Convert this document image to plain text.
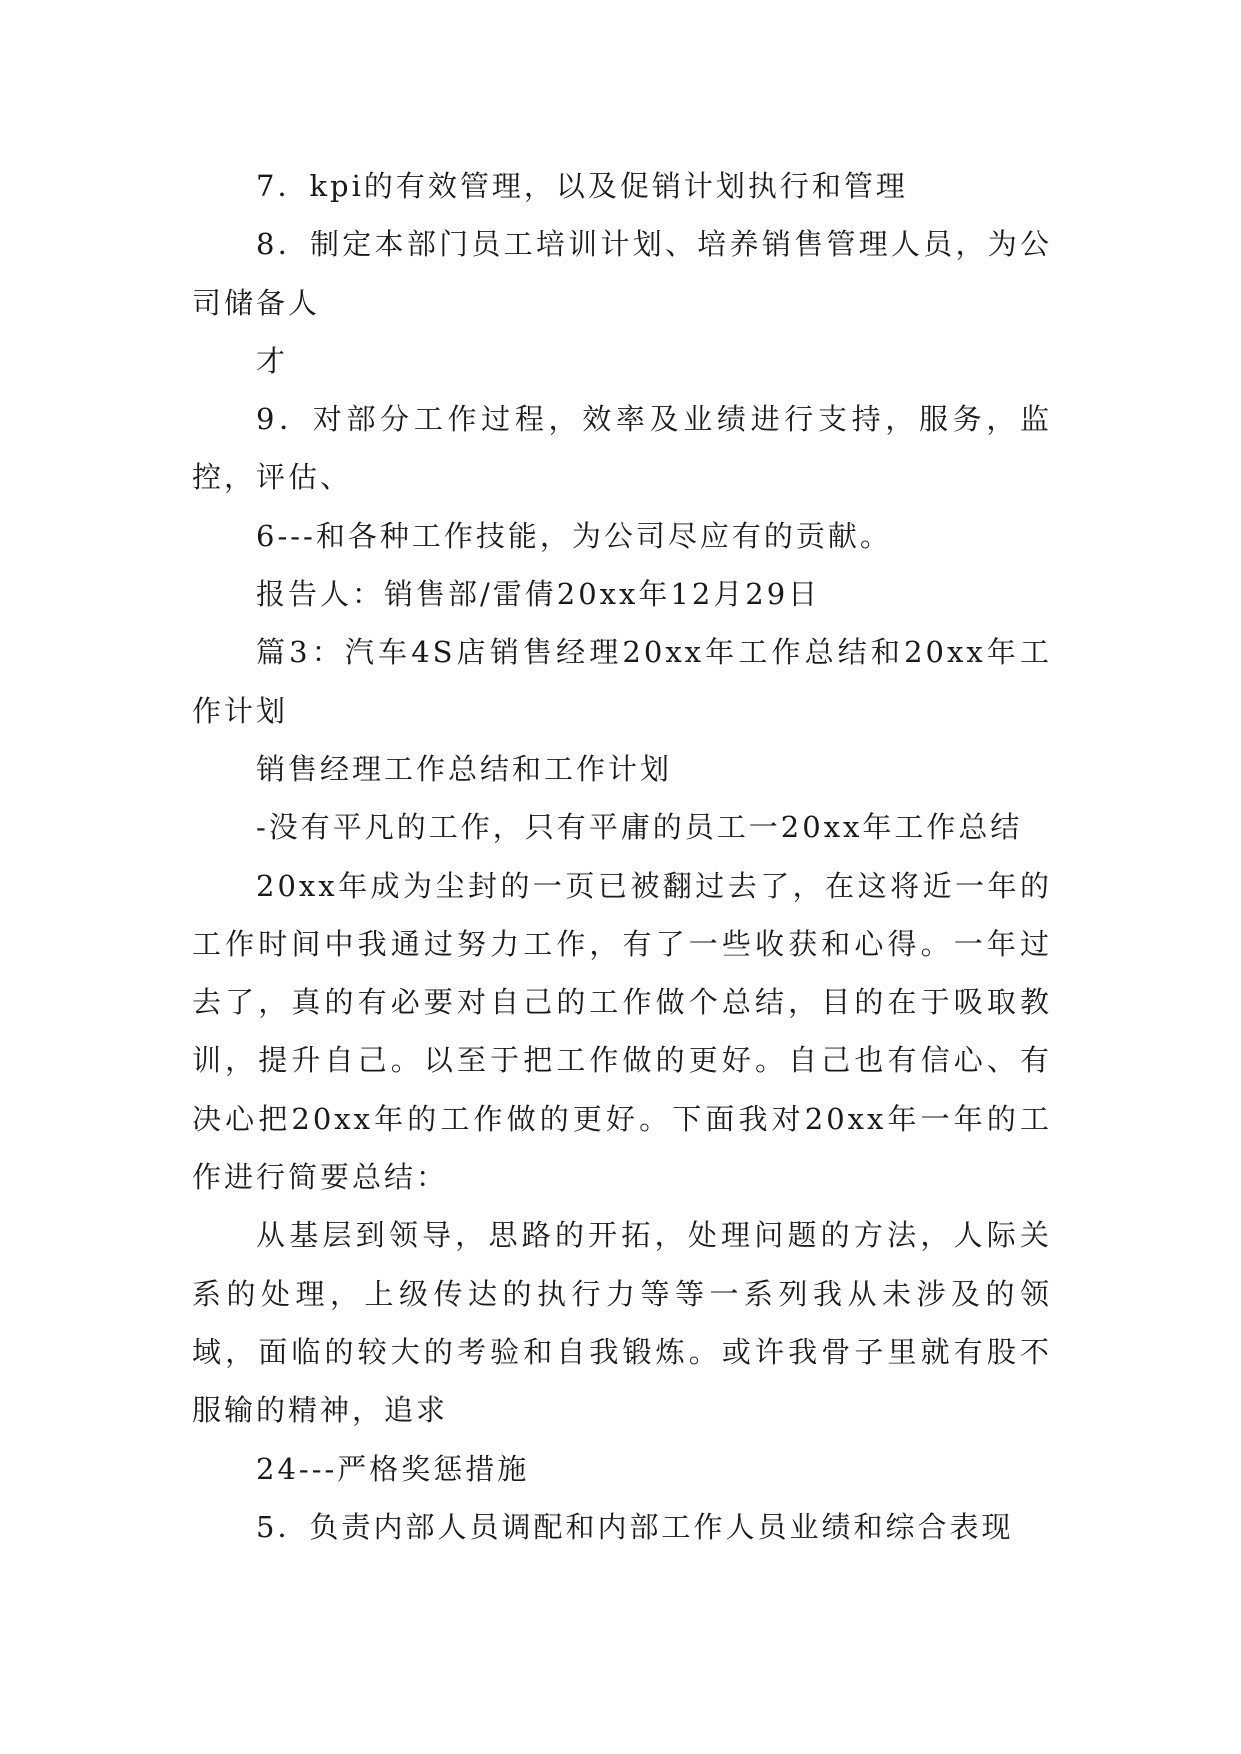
7．kpi的有效管理，以及促销计划执行和管理

8．制定本部门员工培训计划、培养销售管理人员，为公司储备人

才

9．对部分工作过程，效率及业绩进行支持，服务，监控，评估、

6---和各种工作技能，为公司尽应有的贡献。

报告人：销售部/雷倩20xx年12月29日

篇3：汽车4S店销售经理20xx年工作总结和20xx年工作计划

销售经理工作总结和工作计划

-没有平凡的工作，只有平庸的员工一20xx年工作总结

20xx年成为尘封的一页已被翻过去了，在这将近一年的工作时间中我通过努力工作，有了一些收获和心得。一年过去了，真的有必要对自己的工作做个总结，目的在于吸取教训，提升自己。以至于把工作做的更好。自己也有信心、有决心把20xx年的工作做的更好。下面我对20xx年一年的工作进行简要总结：

从基层到领导，思路的开拓，处理问题的方法，人际关系的处理，上级传达的执行力等等一系列我从未涉及的领域，面临的较大的考验和自我锻炼。或许我骨子里就有股不服输的精神，追求

24---严格奖惩措施

5．负责内部人员调配和内部工作人员业绩和综合表现
